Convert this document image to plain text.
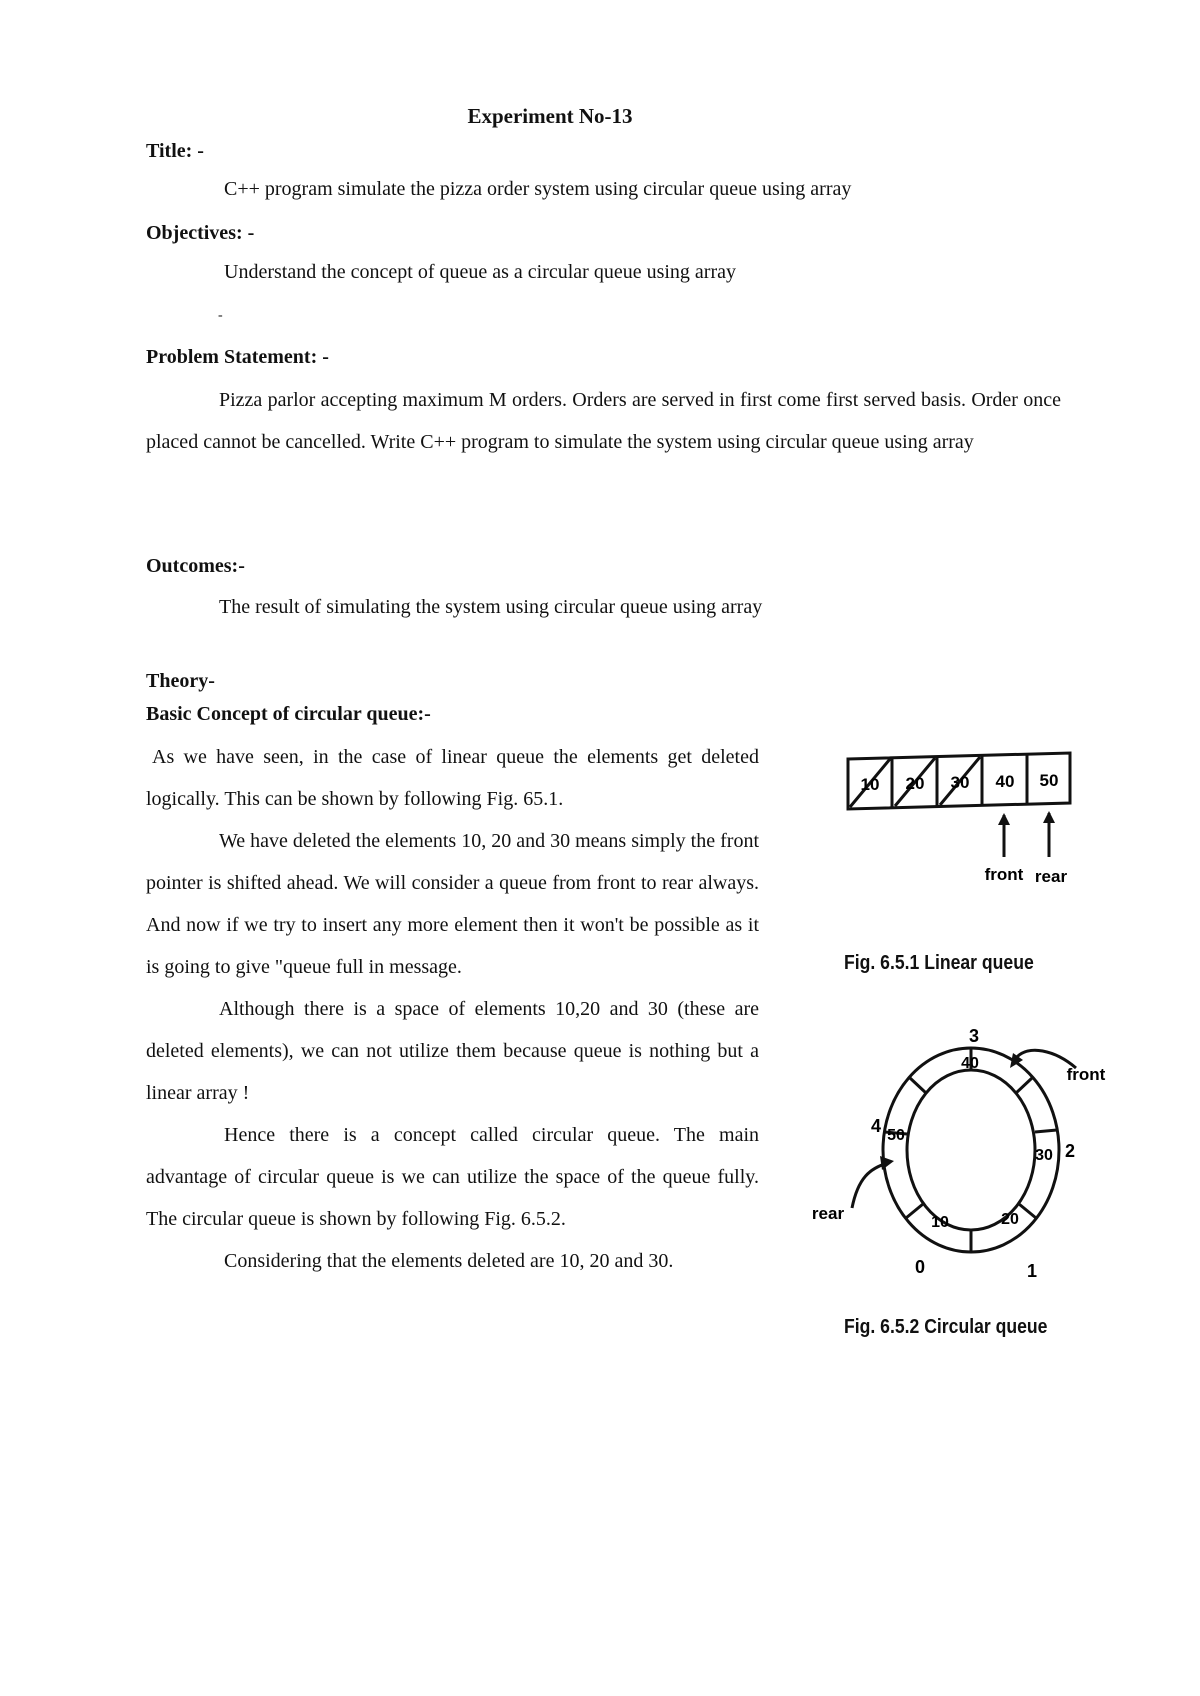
Experiment No-13
Title: -
C++ program simulate the pizza order system using circular queue using array
Objectives: -
Understand the concept of queue as a circular queue using array
-
Problem Statement: -
Pizza parlor accepting maximum M orders. Orders are served in first come first served basis. Order once placed cannot be cancelled. Write C++ program to simulate the system using circular queue using array
Outcomes:-
The result of simulating the system using circular queue using array
Theory-
Basic Concept of circular queue:-

As we have seen, in the case of linear queue the elements get deleted logically. This can be shown by following Fig. 65.1.

We have deleted the elements 10, 20 and 30 means simply the front pointer is shifted ahead. We will consider a queue from front to rear always. And now if we try to insert any more element then it won't be possible as it is going to give "queue full in message.

Although there is a space of elements 10,20 and 30 (these are deleted elements), we can not utilize them because queue is nothing but a linear array !

Hence there is a concept called circular queue. The main advantage of circular queue is we can utilize the space of the queue fully. The circular queue is shown by following Fig. 6.5.2.

Considering that the elements deleted are 10, 20 and 30.

10 20 30 40 50
front rear
Fig. 6.5.1 Linear queue
10	20
30
40
50
0	1
2
3
4
front
rear
Fig. 6.5.2 Circular queue
